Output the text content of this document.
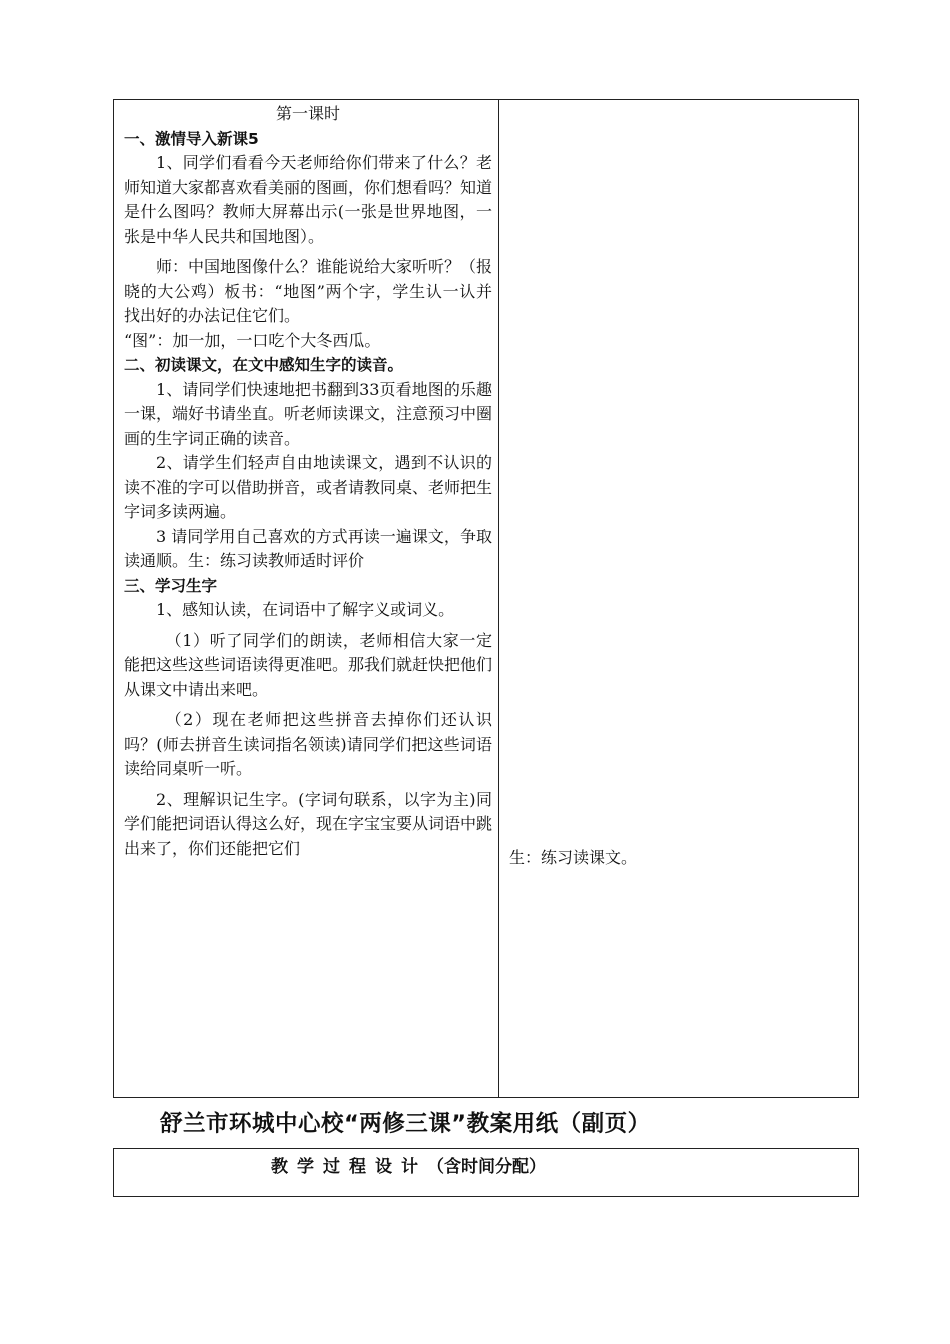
第一课时

一、激情导入新课5

1、同学们看看今天老师给你们带来了什么？老师知道大家都喜欢看美丽的图画，你们想看吗？知道是什么图吗？教师大屏幕出示(一张是世界地图，一张是中华人民共和国地图）。

师：中国地图像什么？谁能说给大家听听？（报晓的大公鸡）板书：“地图”两个字，学生认一认并找出好的办法记住它们。

“图”：加一加，一口吃个大冬西瓜。

二、初读课文，在文中感知生字的读音。

1、请同学们快速地把书翻到33页看地图的乐趣一课，端好书请坐直。听老师读课文，注意预习中圈画的生字词正确的读音。

2、请学生们轻声自由地读课文，遇到不认识的读不准的字可以借助拼音，或者请教同桌、老师把生字词多读两遍。

3 请同学用自己喜欢的方式再读一遍课文，争取读通顺。生：练习读教师适时评价

三、学习生字

1、感知认读，在词语中了解字义或词义。

（1）听了同学们的朗读，老师相信大家一定能把这些这些词语读得更准吧。那我们就赶快把他们从课文中请出来吧。

（2）现在老师把这些拼音去掉你们还认识吗？(师去拼音生读词指名领读)请同学们把这些词语读给同桌听一听。

2、理解识记生字。(字词句联系，以字为主)同学们能把词语认得这么好，现在字宝宝要从词语中跳出来了，你们还能把它们	生：练习读课文。

舒兰市环城中心校“两修三课”教案用纸（副页）

教学过程设计（含时间分配）
